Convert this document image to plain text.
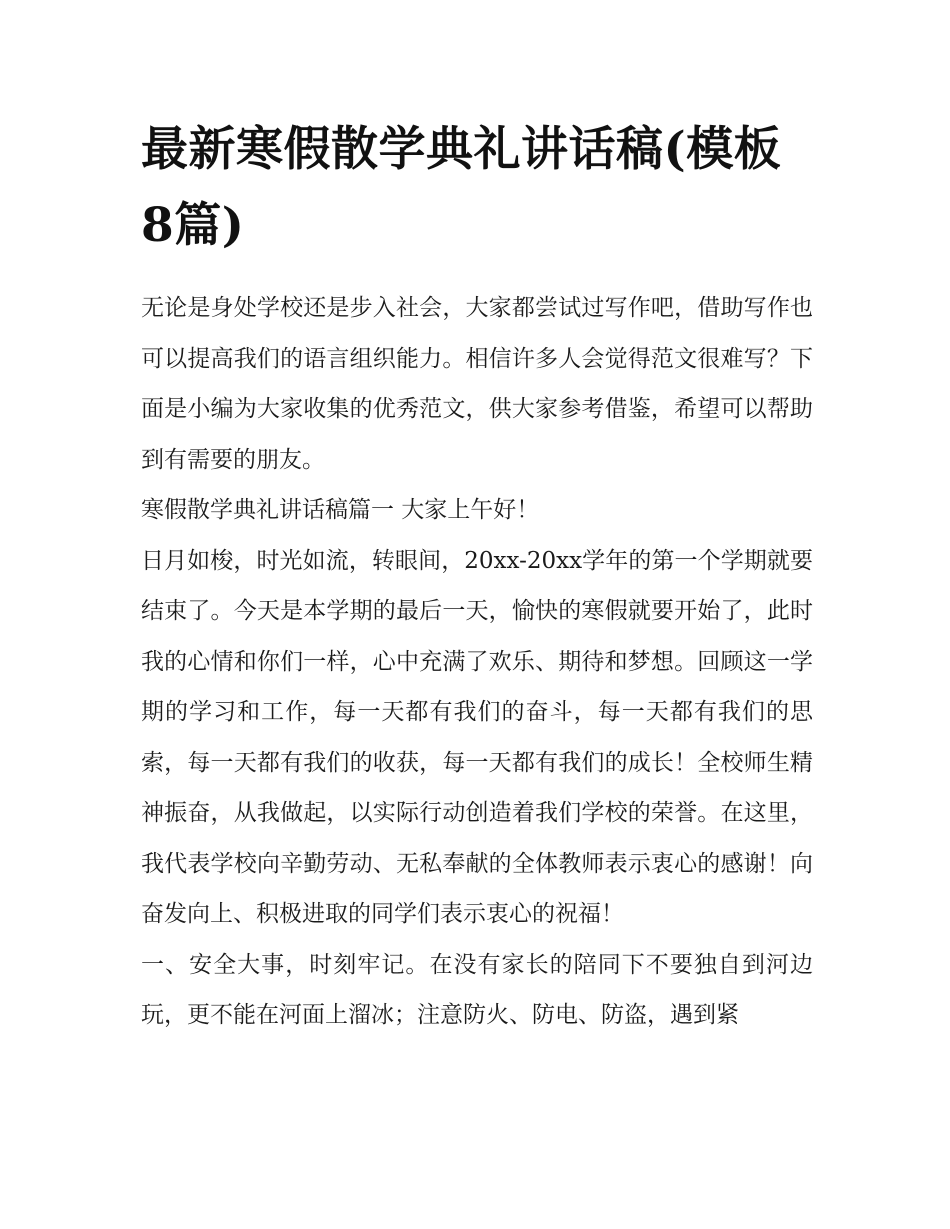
最新寒假散学典礼讲话稿(模板8篇)

无论是身处学校还是步入社会，大家都尝试过写作吧，借助写作也可以提高我们的语言组织能力。相信许多人会觉得范文很难写？下面是小编为大家收集的优秀范文，供大家参考借鉴，希望可以帮助到有需要的朋友。

寒假散学典礼讲话稿篇一 大家上午好！

日月如梭，时光如流，转眼间，20xx-20xx学年的第一个学期就要结束了。今天是本学期的最后一天，愉快的寒假就要开始了，此时我的心情和你们一样，心中充满了欢乐、期待和梦想。回顾这一学期的学习和工作，每一天都有我们的奋斗，每一天都有我们的思索，每一天都有我们的收获，每一天都有我们的成长！全校师生精神振奋，从我做起，以实际行动创造着我们学校的荣誉。在这里，我代表学校向辛勤劳动、无私奉献的全体教师表示衷心的感谢！向奋发向上、积极进取的同学们表示衷心的祝福！

一、安全大事，时刻牢记。在没有家长的陪同下不要独自到河边玩，更不能在河面上溜冰；注意防火、防电、防盗，遇到紧
